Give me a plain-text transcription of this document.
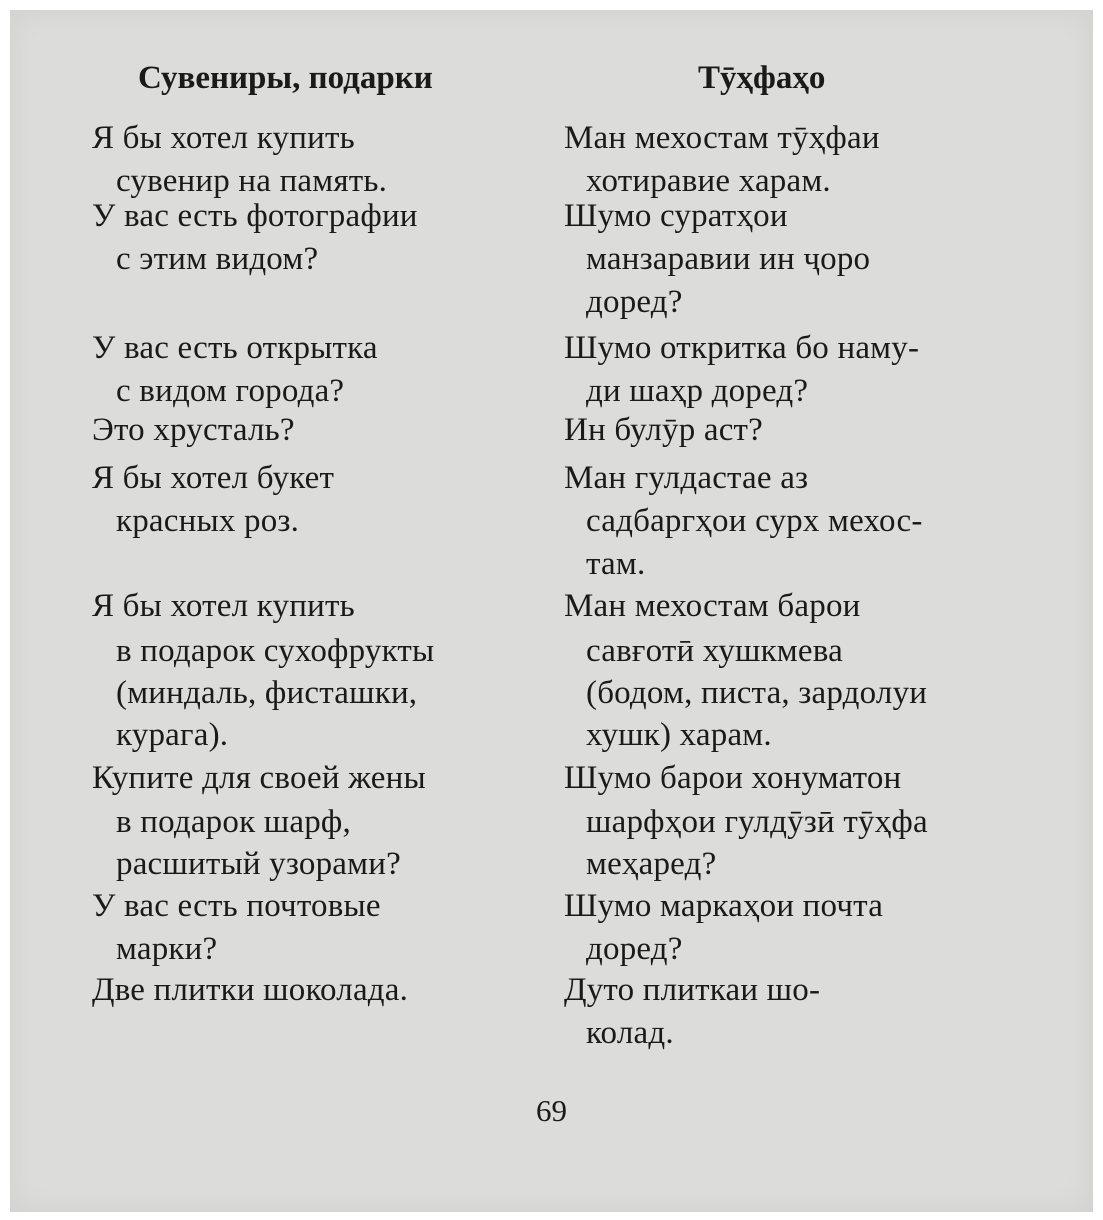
Сувениры, подарки	Тӯҳфаҳо
Я бы хотел купить
сувенир на память.
У вас есть фотографии
с этим видом?
У вас есть открытка
с видом города?
Это хрусталь?
Я бы хотел букет
красных роз.
Я бы хотел купить
в подарок сухофрукты
(миндаль, фисташки,
курага).
Купите для своей жены
в подарок шарф,
расшитый узорами?
У вас есть почтовые
марки?
Две плитки шоколада.
Ман мехостам тӯҳфаи
хотиравие харам.
Шумо суратҳои
манзаравии ин ҷоро
доред?
Шумо откритка бо наму-
ди шаҳр доред?
Ин булӯр аст?
Ман гулдастае аз
садбаргҳои сурх мехос-
там.
Ман мехостам барои
савғотӣ хушкмева
(бодом, писта, зардолуи
хушк) харам.
Шумо барои хонуматон
шарфҳои гулдӯзӣ тӯҳфа
меҳаред?
Шумо маркаҳои почта
доред?
Дуто плиткаи шо-
колад.
69
